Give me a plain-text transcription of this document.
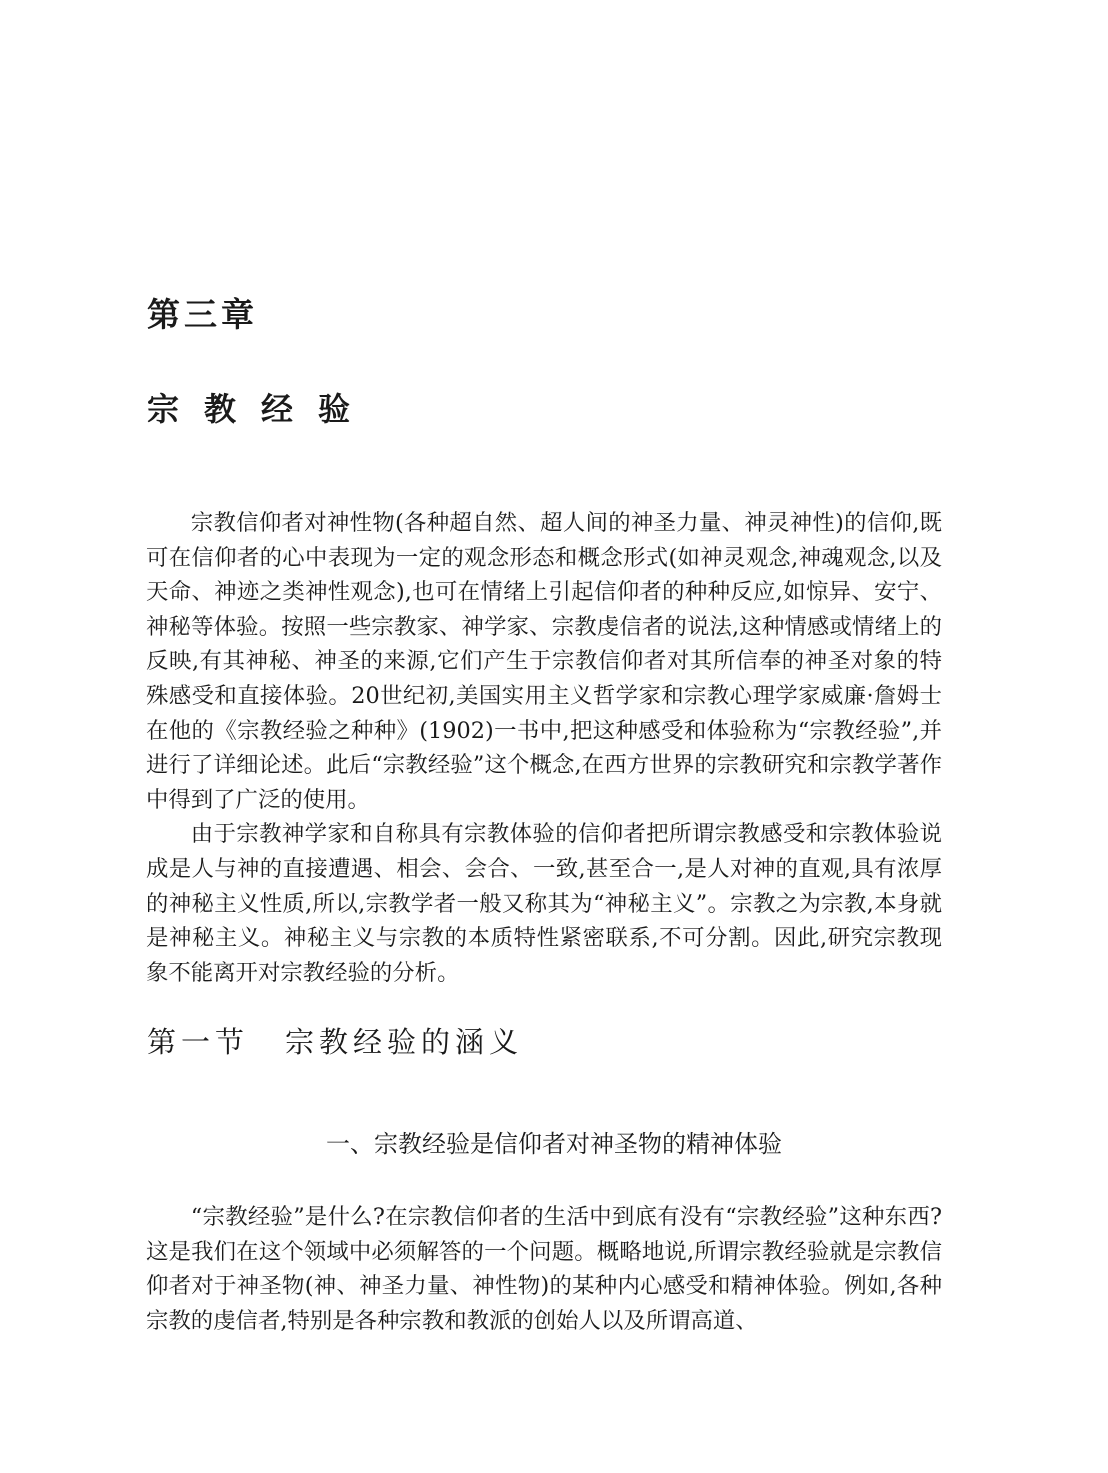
第三章
宗教经验

宗教信仰者对神性物(各种超自然、超人间的神圣力量、神灵神性)的信仰,既可在信仰者的心中表现为一定的观念形态和概念形式(如神灵观念,神魂观念,以及天命、神迹之类神性观念),也可在情绪上引起信仰者的种种反应,如惊异、安宁、神秘等体验。按照一些宗教家、神学家、宗教虔信者的说法,这种情感或情绪上的反映,有其神秘、神圣的来源,它们产生于宗教信仰者对其所信奉的神圣对象的特殊感受和直接体验。20世纪初,美国实用主义哲学家和宗教心理学家威廉·詹姆士在他的《宗教经验之种种》(1902)一书中,把这种感受和体验称为“宗教经验”,并进行了详细论述。此后“宗教经验”这个概念,在西方世界的宗教研究和宗教学著作中得到了广泛的使用。

由于宗教神学家和自称具有宗教体验的信仰者把所谓宗教感受和宗教体验说成是人与神的直接遭遇、相会、会合、一致,甚至合一,是人对神的直观,具有浓厚的神秘主义性质,所以,宗教学者一般又称其为“神秘主义”。宗教之为宗教,本身就是神秘主义。神秘主义与宗教的本质特性紧密联系,不可分割。因此,研究宗教现象不能离开对宗教经验的分析。

第一节 宗教经验的涵义
一、宗教经验是信仰者对神圣物的精神体验

“宗教经验”是什么?在宗教信仰者的生活中到底有没有“宗教经验”这种东西?这是我们在这个领域中必须解答的一个问题。概略地说,所谓宗教经验就是宗教信仰者对于神圣物(神、神圣力量、神性物)的某种内心感受和精神体验。例如,各种宗教的虔信者,特别是各种宗教和教派的创始人以及所谓高道、
